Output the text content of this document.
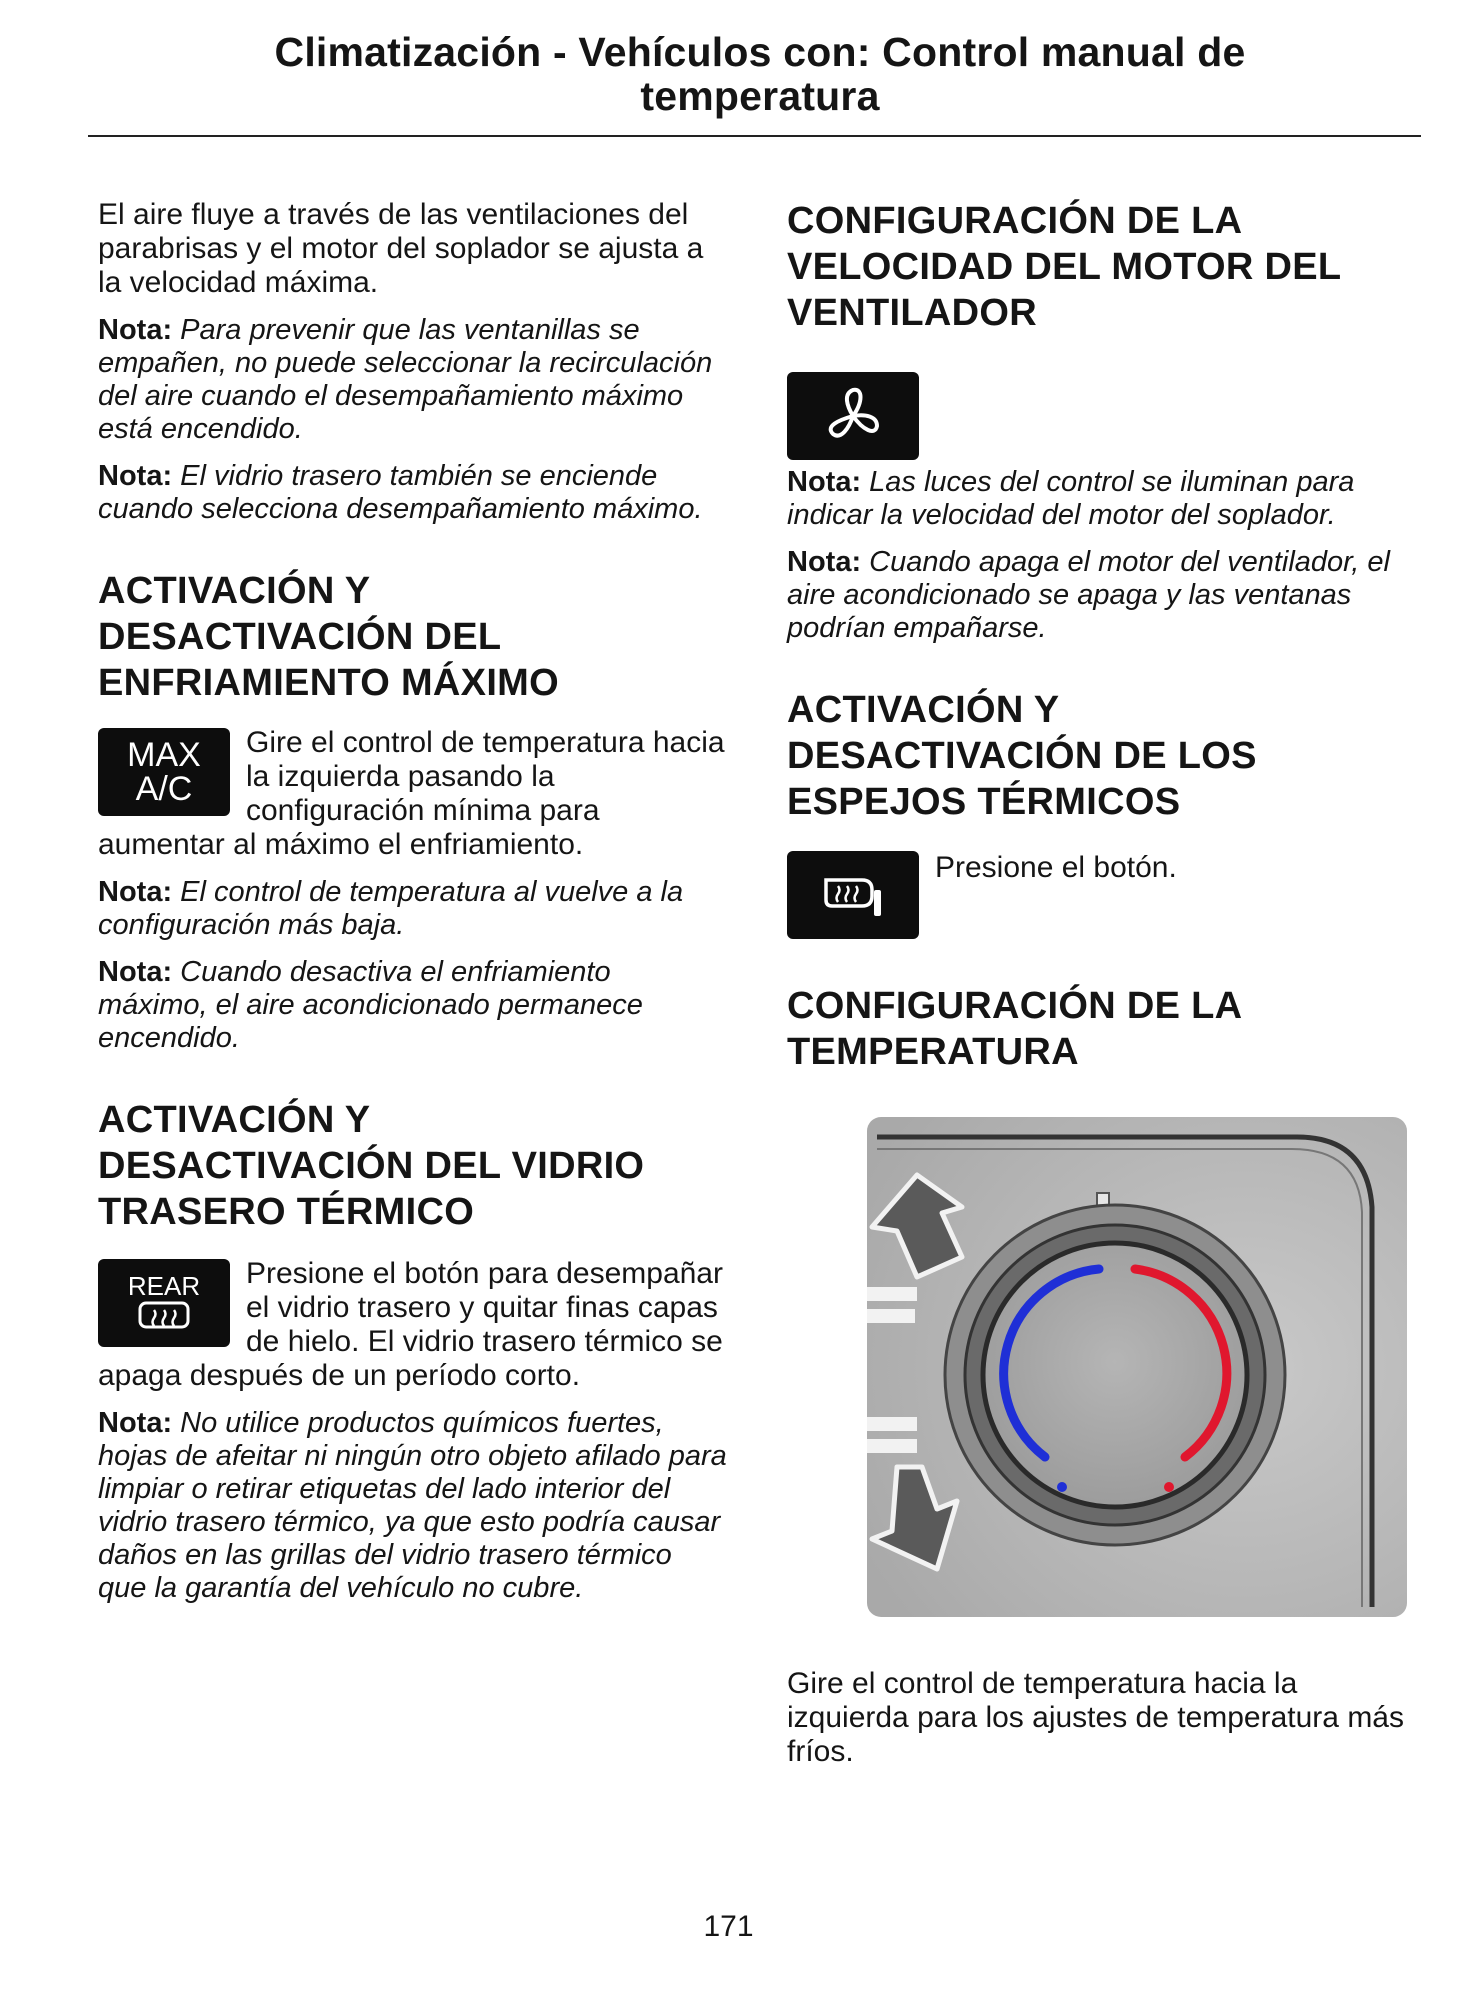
Climatización - Vehículos con: Control manual de
temperatura

El aire fluye a través de las ventilaciones del parabrisas y el motor del soplador se ajusta a la velocidad máxima.

Nota: Para prevenir que las ventanillas se empañen, no puede seleccionar la recirculación del aire cuando el desempañamiento máximo está encendido.

Nota: El vidrio trasero también se enciende cuando selecciona desempañamiento máximo.

ACTIVACIÓN Y
DESACTIVACIÓN DEL
ENFRIAMIENTO MÁXIMO
MAX
A/C

Gire el control de temperatura hacia la izquierda pasando la configuración mínima para aumentar al máximo el enfriamiento.

Nota: El control de temperatura al vuelve a la configuración más baja.

Nota: Cuando desactiva el enfriamiento máximo, el aire acondicionado permanece encendido.

ACTIVACIÓN Y
DESACTIVACIÓN DEL VIDRIO
TRASERO TÉRMICO
REAR	Presione el botón para desempañar el vidrio trasero y quitar finas capas de hielo. El vidrio trasero térmico se apaga después de un período corto.

Nota: No utilice productos químicos fuertes, hojas de afeitar ni ningún otro objeto afilado para limpiar o retirar etiquetas del lado interior del vidrio trasero térmico, ya que esto podría causar daños en las grillas del vidrio trasero térmico que la garantía del vehículo no cubre.

CONFIGURACIÓN DE LA
VELOCIDAD DEL MOTOR DEL
VENTILADOR

Nota: Las luces del control se iluminan para indicar la velocidad del motor del soplador.

Nota: Cuando apaga el motor del ventilador, el aire acondicionado se apaga y las ventanas podrían empañarse.

ACTIVACIÓN Y
DESACTIVACIÓN DE LOS
ESPEJOS TÉRMICOS

Presione el botón.

CONFIGURACIÓN DE LA
TEMPERATURA

Gire el control de temperatura hacia la izquierda para los ajustes de temperatura más fríos.

171
